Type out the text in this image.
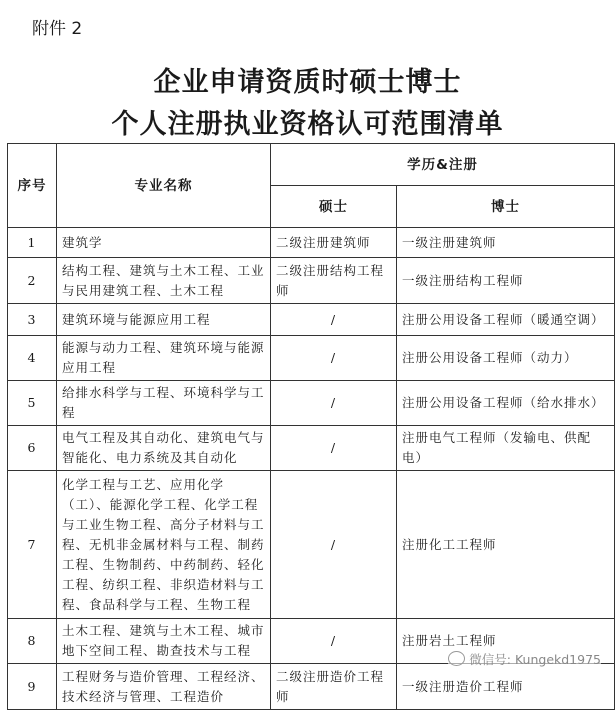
附件 2
企业申请资质时硕士博士
个人注册执业资格认可范围清单
序号	专业名称	学历&注册	
		硕士	博士
1	建筑学	二级注册建筑师	一级注册建筑师
2	结构工程、建筑与土木工程、工业与民用建筑工程、土木工程	二级注册结构工程师	一级注册结构工程师
3	建筑环境与能源应用工程	/	注册公用设备工程师（暖通空调）
4	能源与动力工程、建筑环境与能源应用工程	/	注册公用设备工程师（动力）
5	给排水科学与工程、环境科学与工程	/	注册公用设备工程师（给水排水）
6	电气工程及其自动化、建筑电气与智能化、电力系统及其自动化	/	注册电气工程师（发输电、供配电）
7	化学工程与工艺、应用化学（工）、能源化学工程、化学工程与工业生物工程、高分子材料与工程、无机非金属材料与工程、制药工程、生物制药、中药制药、轻化工程、纺织工程、非织造材料与工程、食品科学与工程、生物工程	/	注册化工工程师
8	土木工程、建筑与土木工程、城市地下空间工程、勘查技术与工程	/	注册岩土工程师
9	工程财务与造价管理、工程经济、技术经济与管理、工程造价	二级注册造价工程师	一级注册造价工程师
微信号: Kungekd1975
